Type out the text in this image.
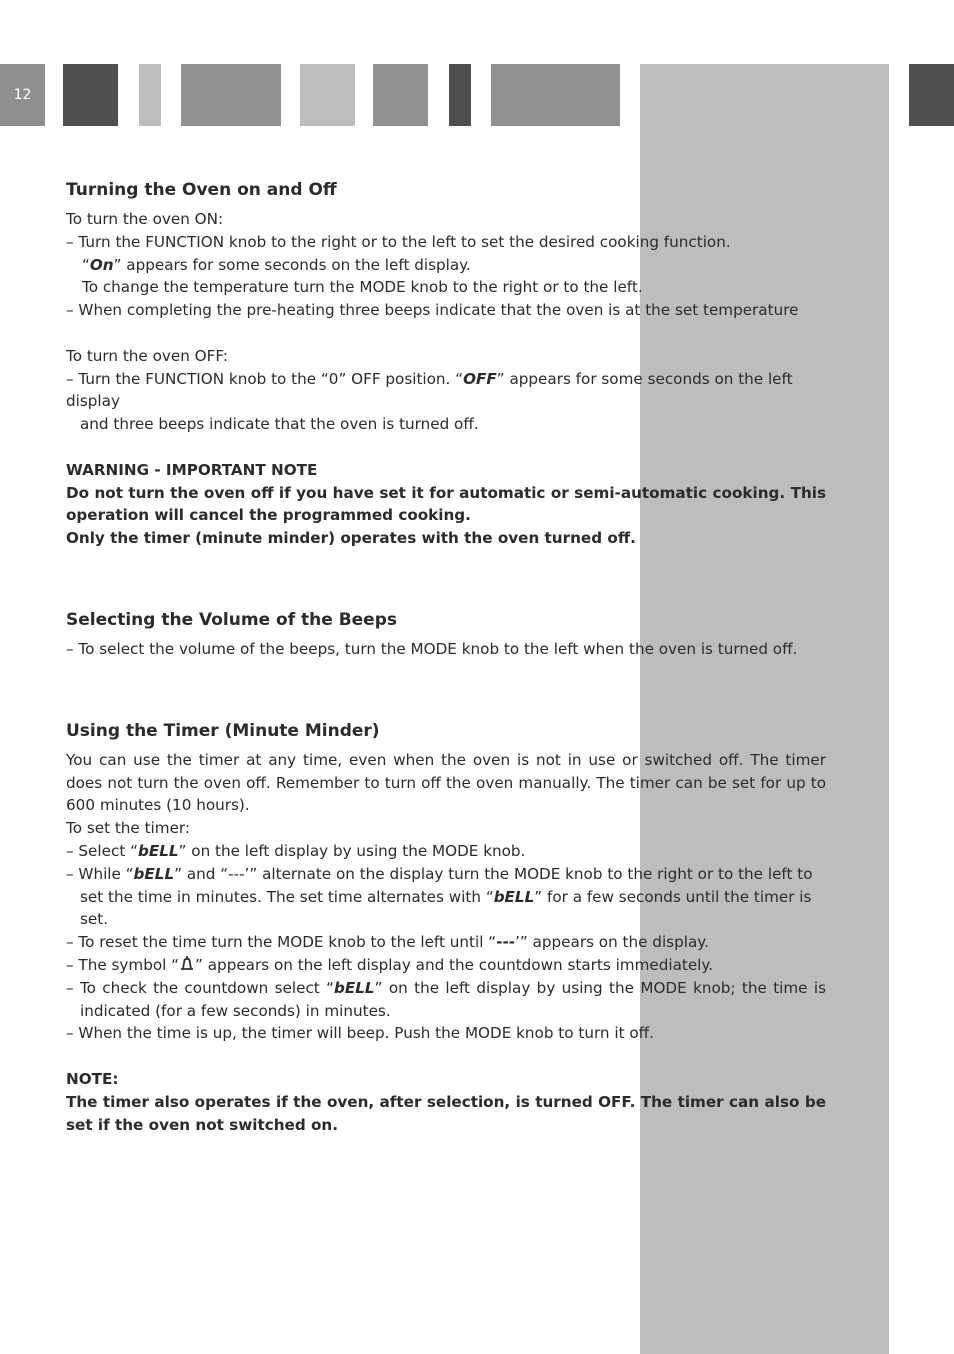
12
Turning the Oven on and Off

To turn the oven ON:

– Turn the FUNCTION knob to the right or to the left to set the desired cooking function.

“On” appears for some seconds on the left display.

To change the temperature turn the MODE knob to the right or to the left.

– When completing the pre-heating three beeps indicate that the oven is at the set temperature

To turn the oven OFF:

– Turn the FUNCTION knob to the “0” OFF position. “OFF” appears for some seconds on the left display

and three beeps indicate that the oven is turned off.

WARNING - IMPORTANT NOTE

Do not turn the oven off if you have set it for automatic or semi-automatic cooking. This operation will cancel the programmed cooking.

Only the timer (minute minder) operates with the oven turned off.

Selecting the Volume of the Beeps

– To select the volume of the beeps, turn the MODE knob to the left when the oven is turned off.

Using the Timer (Minute Minder)

You can use the timer at any time, even when the oven is not in use or switched off. The timer does not turn the oven off. Remember to turn off the oven manually. The timer can be set for up to 600 minutes (10 hours).

To set the timer:

– Select “bELL” on the left display by using the MODE knob.

– While “bELL” and “---’” alternate on the display turn the MODE knob to the right or to the left to set the time in minutes. The set time alternates with “bELL” for a few seconds until the timer is set.

– To reset the time turn the MODE knob to the left until “---’” appears on the display.

– The symbol “ ” appears on the left display and the countdown starts immediately.

– To check the countdown select “bELL” on the left display by using the MODE knob; the time is indicated (for a few seconds) in minutes.

– When the time is up, the timer will beep. Push the MODE knob to turn it off.

NOTE:

The timer also operates if the oven, after selection, is turned OFF. The timer can also be set if the oven not switched on.
